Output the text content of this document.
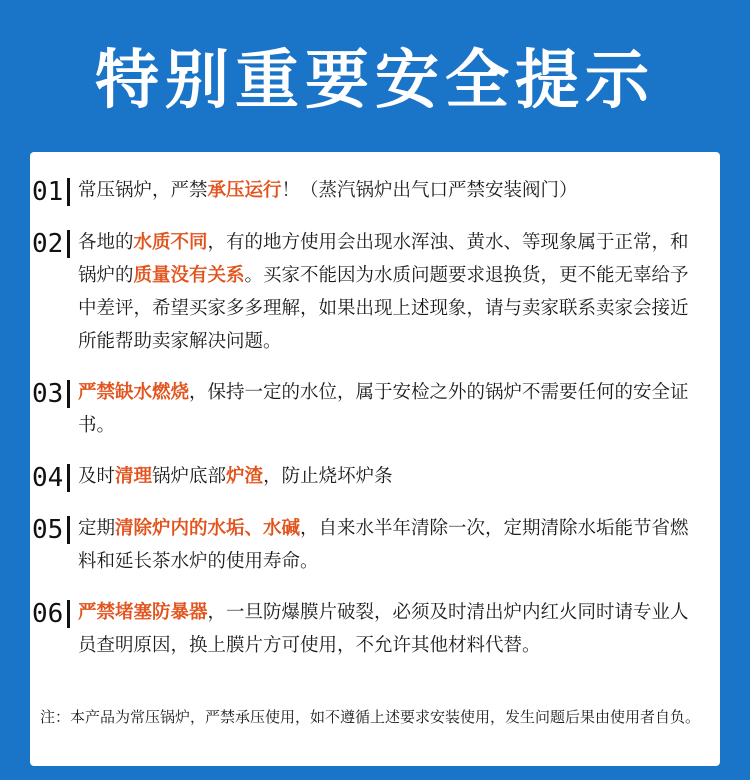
特别重要安全提示
01 常压锅炉，严禁承压运行！（蒸汽锅炉出气口严禁安装阀门）
02 各地的水质不同，有的地方使用会出现水浑浊、黄水、等现象属于正常，和锅炉的质量没有关系。买家不能因为水质问题要求退换货，更不能无辜给予中差评，希望买家多多理解，如果出现上述现象，请与卖家联系卖家会接近所能帮助卖家解决问题。
03 严禁缺水燃烧，保持一定的水位，属于安检之外的锅炉不需要任何的安全证书。
04 及时清理锅炉底部炉渣，防止烧坏炉条
05 定期清除炉内的水垢、水碱，自来水半年清除一次，定期清除水垢能节省燃料和延长茶水炉的使用寿命。
06 严禁堵塞防暴器，一旦防爆膜片破裂，必须及时清出炉内红火同时请专业人员查明原因，换上膜片方可使用，不允许其他材料代替。
注：本产品为常压锅炉，严禁承压使用，如不遵循上述要求安装使用，发生问题后果由使用者自负。
